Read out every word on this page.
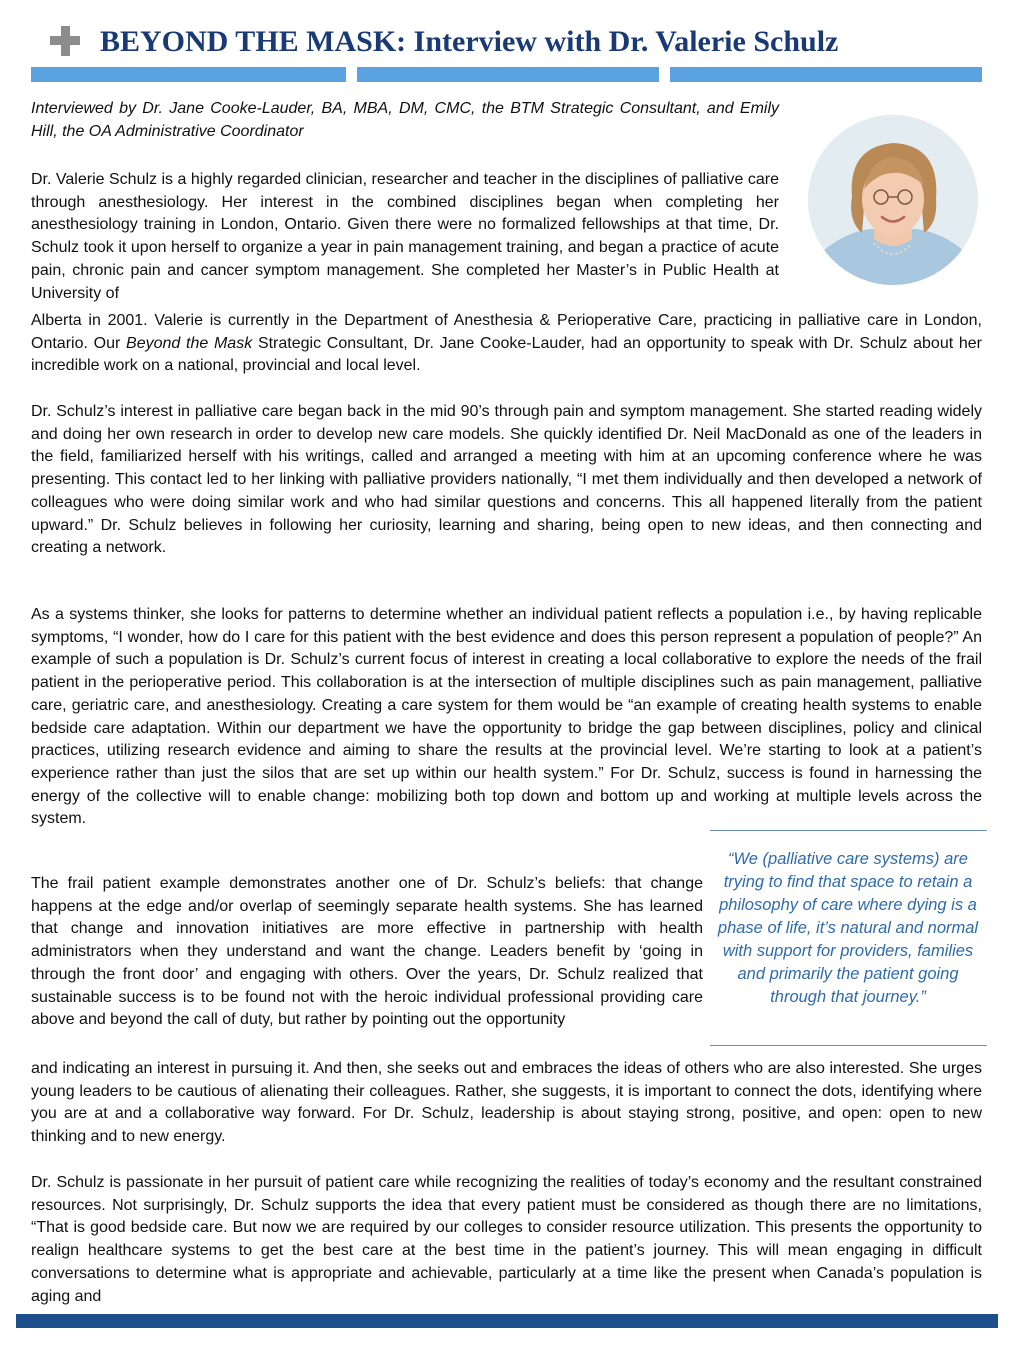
BEYOND THE MASK: Interview with Dr. Valerie Schulz

Interviewed by Dr. Jane Cooke-Lauder, BA, MBA, DM, CMC, the BTM Strategic Consultant, and Emily Hill, the OA Administrative Coordinator

Dr. Valerie Schulz is a highly regarded clinician, researcher and teacher in the disciplines of palliative care through anesthesiology. Her interest in the combined disciplines began when completing her anesthesiology training in London, Ontario. Given there were no formalized fellowships at that time, Dr. Schulz took it upon herself to organize a year in pain management training, and began a practice of acute pain, chronic pain and cancer symptom management. She completed her Master’s in Public Health at University of

Alberta in 2001. Valerie is currently in the Department of Anesthesia & Perioperative Care, practicing in palliative care in London, Ontario. Our Beyond the Mask Strategic Consultant, Dr. Jane Cooke-Lauder, had an opportunity to speak with Dr. Schulz about her incredible work on a national, provincial and local level.

Dr. Schulz’s interest in palliative care began back in the mid 90’s through pain and symptom management. She started reading widely and doing her own research in order to develop new care models. She quickly identified Dr. Neil MacDonald as one of the leaders in the field, familiarized herself with his writings, called and arranged a meeting with him at an upcoming conference where he was presenting. This contact led to her linking with palliative providers nationally, “I met them individually and then developed a network of colleagues who were doing similar work and who had similar questions and concerns. This all happened literally from the patient upward.” Dr. Schulz believes in following her curiosity, learning and sharing, being open to new ideas, and then connecting and creating a network.

As a systems thinker, she looks for patterns to determine whether an individual patient reflects a population i.e., by having replicable symptoms, “I wonder, how do I care for this patient with the best evidence and does this person represent a population of people?” An example of such a population is Dr. Schulz’s current focus of interest in creating a local collaborative to explore the needs of the frail patient in the perioperative period. This collaboration is at the intersection of multiple disciplines such as pain management, palliative care, geriatric care, and anesthesiology. Creating a care system for them would be “an example of creating health systems to enable bedside care adaptation. Within our department we have the opportunity to bridge the gap between disciplines, policy and clinical practices, utilizing research evidence and aiming to share the results at the provincial level. We’re starting to look at a patient’s experience rather than just the silos that are set up within our health system.” For Dr. Schulz, success is found in harnessing the energy of the collective will to enable change: mobilizing both top down and bottom up and working at multiple levels across the system.

“We (palliative care systems) are trying to find that space to retain a philosophy of care where dying is a phase of life, it’s natural and normal with support for providers, families and primarily the patient going through that journey.”

The frail patient example demonstrates another one of Dr. Schulz’s beliefs: that change happens at the edge and/or overlap of seemingly separate health systems. She has learned that change and innovation initiatives are more effective in partnership with health administrators when they understand and want the change. Leaders benefit by ‘going in through the front door’ and engaging with others. Over the years, Dr. Schulz realized that sustainable success is to be found not with the heroic individual professional providing care above and beyond the call of duty, but rather by pointing out the opportunity

and indicating an interest in pursuing it. And then, she seeks out and embraces the ideas of others who are also interested. She urges young leaders to be cautious of alienating their colleagues. Rather, she suggests, it is important to connect the dots, identifying where you are at and a collaborative way forward. For Dr. Schulz, leadership is about staying strong, positive, and open: open to new thinking and to new energy.

Dr. Schulz is passionate in her pursuit of patient care while recognizing the realities of today’s economy and the resultant constrained resources. Not surprisingly, Dr. Schulz supports the idea that every patient must be considered as though there are no limitations, “That is good bedside care. But now we are required by our colleges to consider resource utilization. This presents the opportunity to realign healthcare systems to get the best care at the best time in the patient’s journey. This will mean engaging in difficult conversations to determine what is appropriate and achievable, particularly at a time like the present when Canada’s population is aging and
